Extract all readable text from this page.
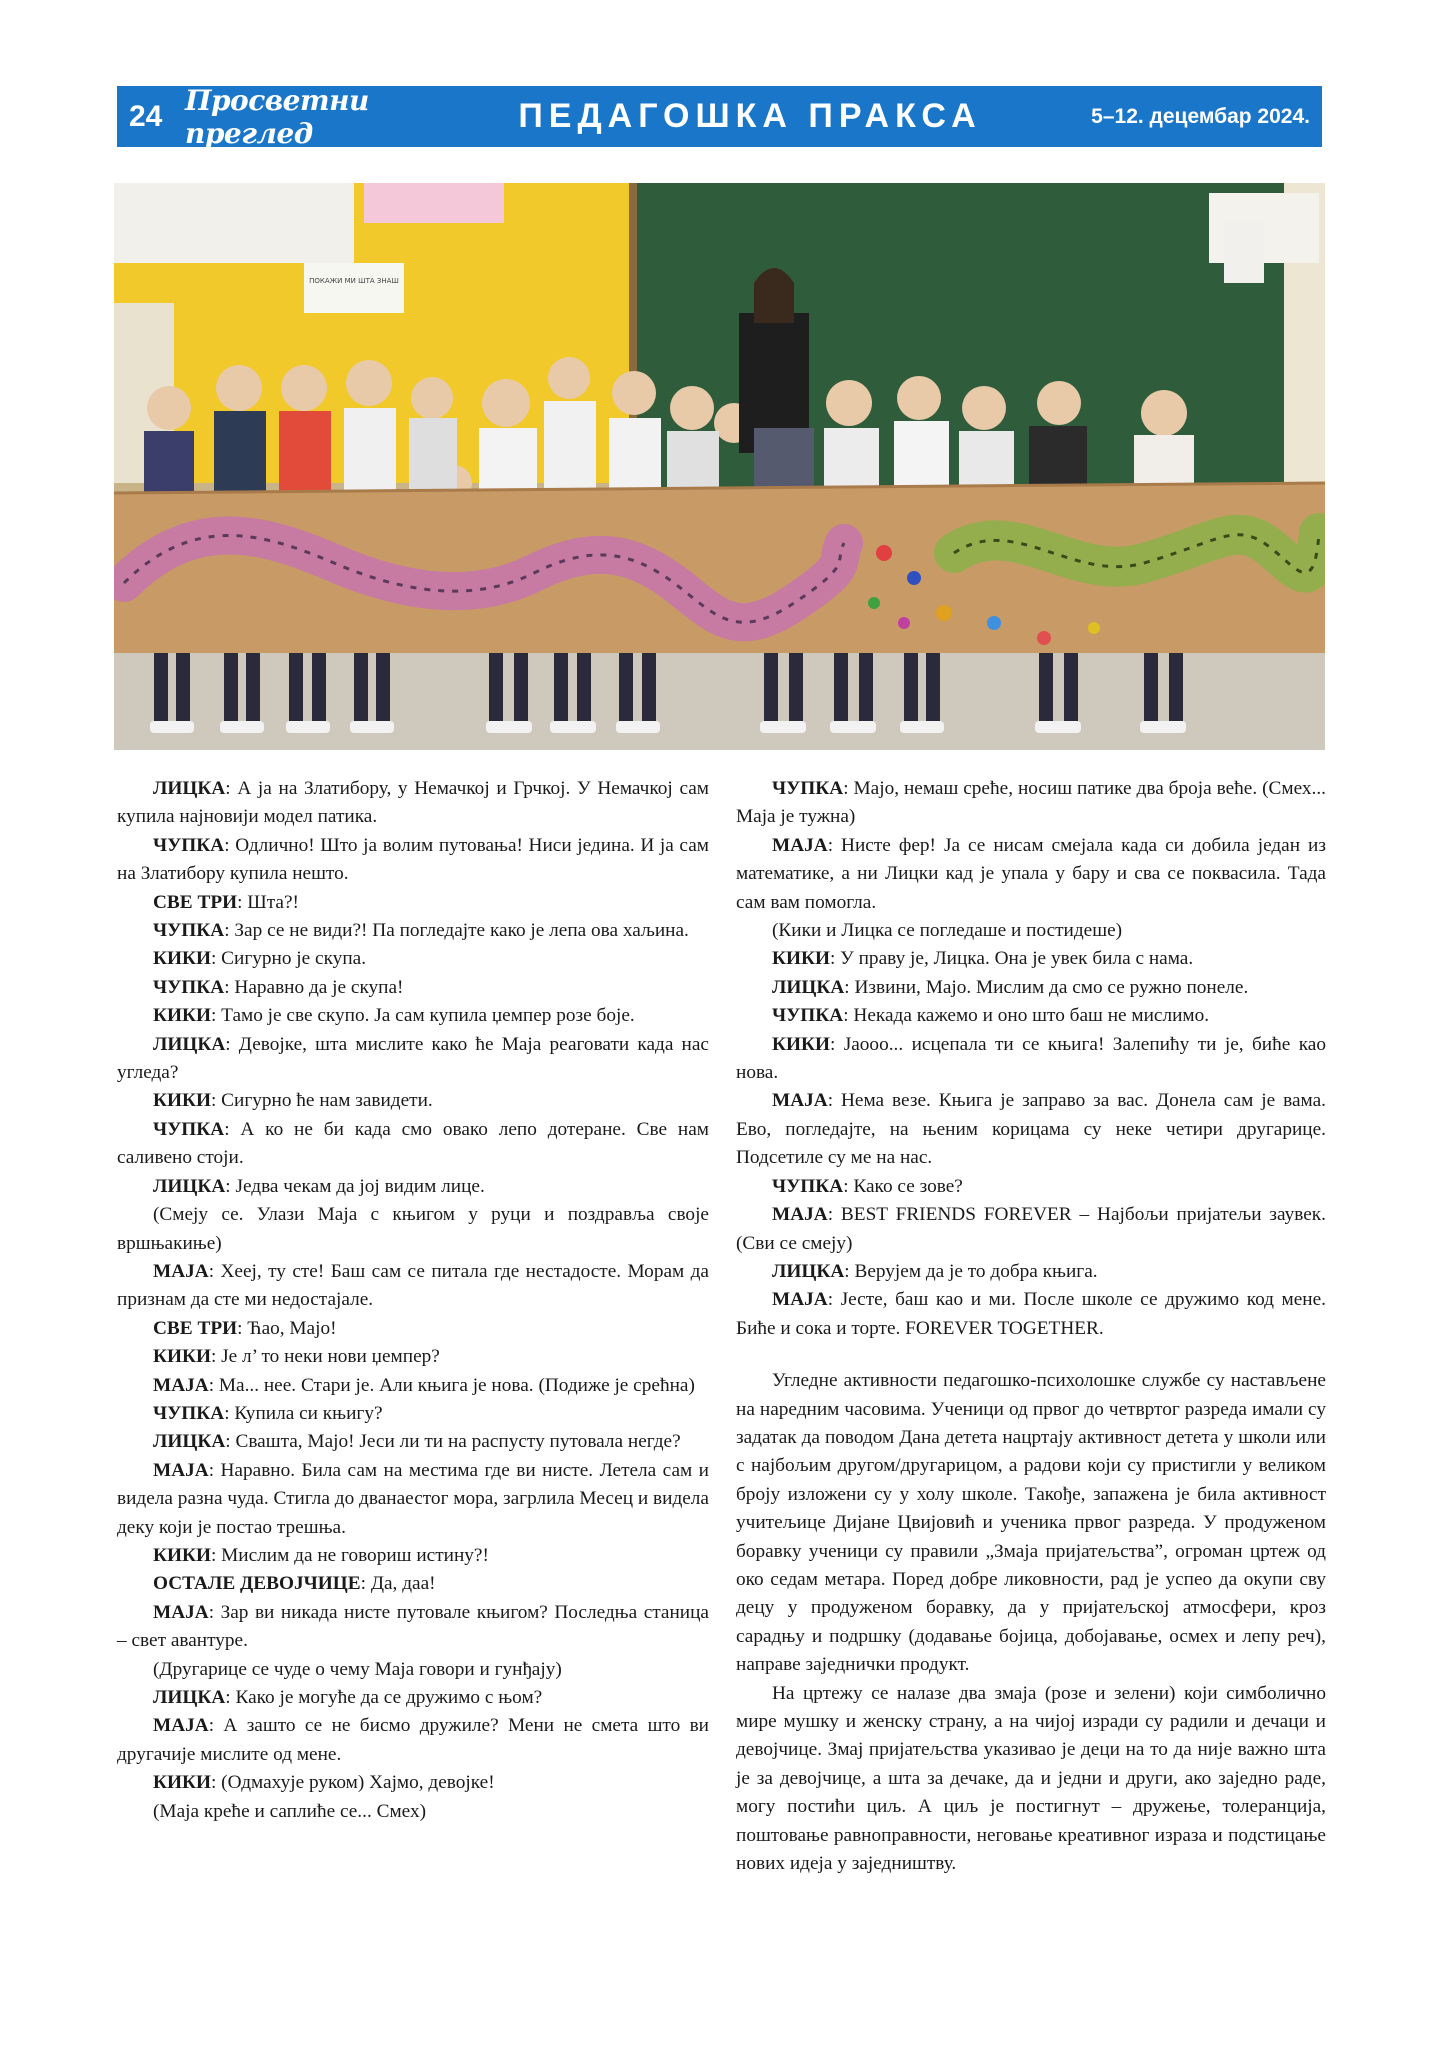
24 Просветни преглед	ПЕДАГОШКА ПРАКСА	5–12. децембар 2024.
ПОКАЖИ МИ ШТА ЗНАШ

ЛИЦКА: А ја на Златибору, у Немачкој и Грчкој. У Немачкој сам купила најновији модел патика.

ЧУПКА: Одлично! Што ја волим путовања! Ниси једина. И ја сам на Златибору купила нешто.

СВЕ ТРИ: Шта?!

ЧУПКА: Зар се не види?! Па погледајте како је лепа ова хаљина.

КИКИ: Сигурно је скупа.

ЧУПКА: Наравно да је скупа!

КИКИ: Тамо је све скупо. Ја сам купила џемпер розе боје.

ЛИЦКА: Девојке, шта мислите како ће Маја реаговати када нас угледа?

КИКИ: Сигурно ће нам завидети.

ЧУПКА: А ко не би када смо овако лепо дотеране. Све нам саливено стоји.

ЛИЦКА: Једва чекам да јој видим лице.

(Смеју се. Улази Маја с књигом у руци и поздравља своје вршњакиње)

МАЈА: Хееј, ту сте! Баш сам се питала где нестадосте. Морам да признам да сте ми недостајале.

СВЕ ТРИ: Ћао, Мајо!

КИКИ: Је л’ то неки нови џемпер?

МАЈА: Ма... нее. Стари је. Али књига је нова. (Подиже је срећна)

ЧУПКА: Купила си књигу?

ЛИЦКА: Свашта, Мајо! Јеси ли ти на распусту путовала негде?

МАЈА: Наравно. Била сам на местима где ви нисте. Летела сам и видела разна чуда. Стигла до дванаестог мора, загрлила Месец и видела деку који је постао трешња.

КИКИ: Мислим да не говориш истину?!

ОСТАЛЕ ДЕВОЈЧИЦЕ: Да, даа!

МАЈА: Зар ви никада нисте путовале књигом? Последња станица – свет авантуре.

(Другарице се чуде о чему Маја говори и гунђају)

ЛИЦКА: Како је могуће да се дружимо с њом?

МАЈА: А зашто се не бисмо дружиле? Мени не смета што ви другачије мислите од мене.

КИКИ: (Одмахује руком) Хајмо, девојке!

(Маја креће и саплиће се... Смех)

ЧУПКА: Мајо, немаш среће, носиш патике два броја веће. (Смех... Маја је тужна)

МАЈА: Нисте фер! Ја се нисам смејала када си добила један из математике, а ни Лицки кад је упала у бару и сва се поквасила. Тада сам вам помогла.

(Кики и Лицка се погледаше и постидеше)

КИКИ: У праву је, Лицка. Она је увек била с нама.

ЛИЦКА: Извини, Мајо. Мислим да смо се ружно понеле.

ЧУПКА: Некада кажемо и оно што баш не мислимо.

КИКИ: Јаооо... исцепала ти се књига! Залепићу ти је, биће као нова.

МАЈА: Нема везе. Књига је заправо за вас. Донела сам је вама. Ево, погледајте, на њеним корицама су неке четири другарице. Подсетиле су ме на нас.

ЧУПКА: Како се зове?

МАЈА: BEST FRIENDS FOREVER – Најбољи пријатељи заувек. (Сви се смеју)

ЛИЦКА: Верујем да је то добра књига.

МАЈА: Јесте, баш као и ми. После школе се дружимо код мене. Биће и сока и торте. FOREVER TOGETHER.

Угледне активности педагошко-психолошке службе су настављене на наредним часовима. Ученици од првог до четвртог разреда имали су задатак да поводом Дана детета нацртају активност детета у школи или с најбољим другом/другарицом, а радови који су пристигли у великом броју изложени су у холу школе. Такође, запажена је била активност учитељице Дијане Цвијовић и ученика првог разреда. У продуженом боравку ученици су правили „Змаја пријатељства”, огроман цртеж од око седам метара. Поред добре ликовности, рад је успео да окупи сву децу у продуженом боравку, да у пријатељској атмосфери, кроз сарадњу и подршку (додавање бојица, добојавање, осмех и лепу реч), направе заједнички продукт.

На цртежу се налазе два змаја (розе и зелени) који симболично мире мушку и женску страну, а на чијој изради су радили и дечаци и девојчице. Змај пријатељства указивао је деци на то да није важно шта је за девојчице, а шта за дечаке, да и једни и други, ако заједно раде, могу постићи циљ. А циљ је постигнут – дружење, толеранција, поштовање равноправности, неговање креативног израза и подстицање нових идеја у заједништву.
